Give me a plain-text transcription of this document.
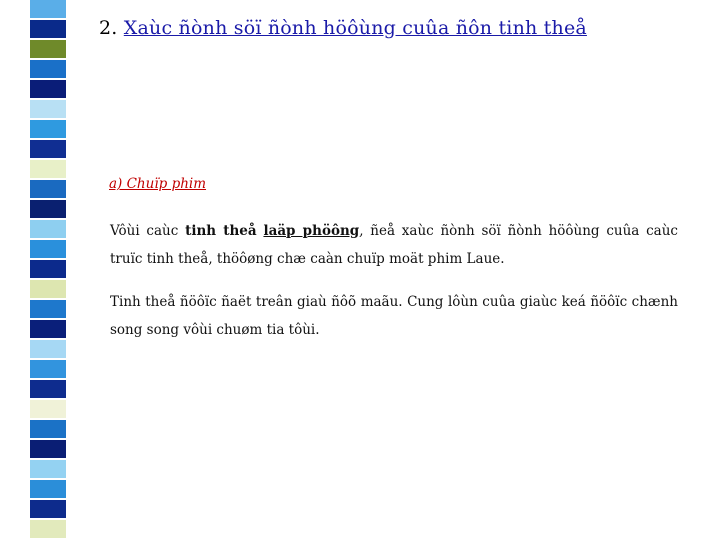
2. Xaùc ñònh söï ñònh höôùng cuûa ñôn tinh theå
a) Chuïp phim

Vôùi caùc tinh theå laäp phöông, ñeå xaùc ñònh söï ñònh höôùng cuûa caùc truïc tinh theå, thöôøng chæ caàn chuïp moät phim Laue.

Tinh theå ñöôïc ñaët treân giaù ñôõ maãu. Cung lôùn cuûa giaùc keá ñöôïc chænh song song vôùi chuøm tia tôùi.
